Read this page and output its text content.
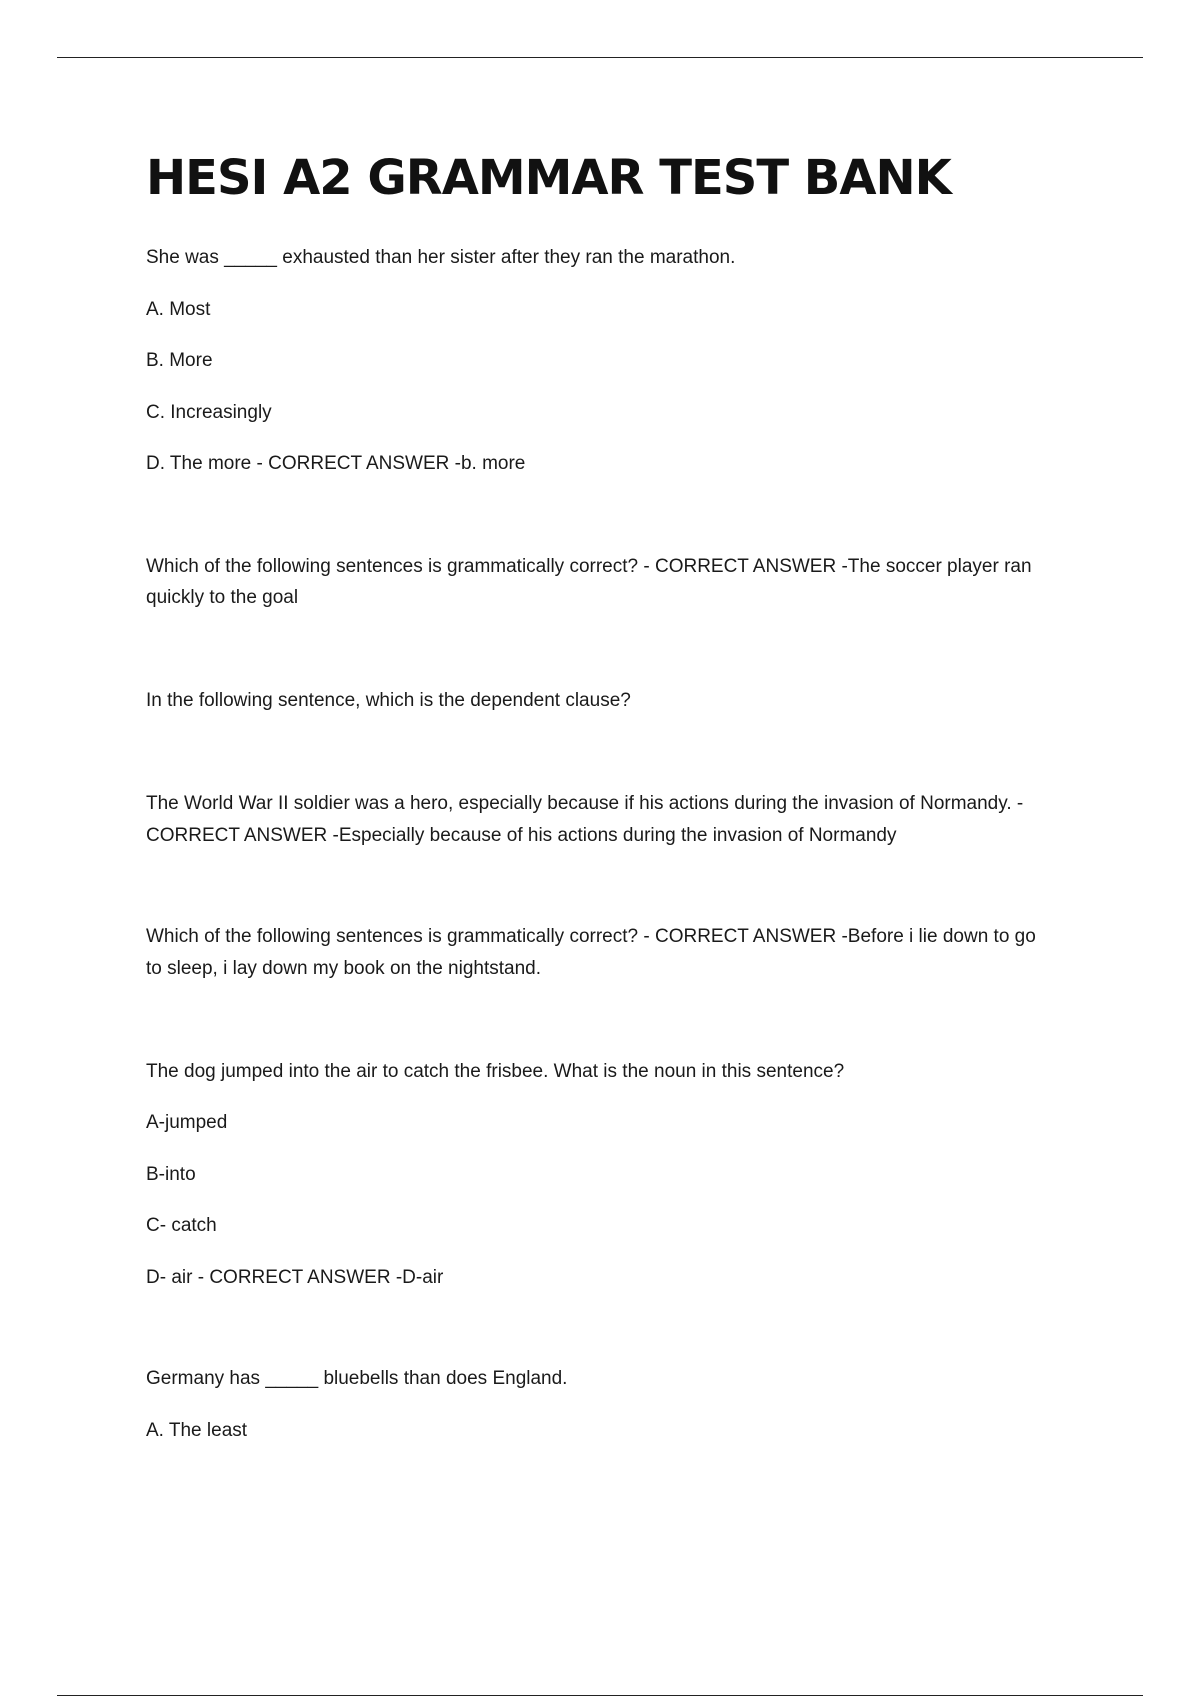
HESI A2 GRAMMAR TEST BANK
She was _____ exhausted than her sister after they ran the marathon.
A. Most
B. More
C. Increasingly
D. The more - CORRECT ANSWER -b. more
Which of the following sentences is grammatically correct? - CORRECT ANSWER -The soccer player ran
quickly to the goal
In the following sentence, which is the dependent clause?
The World War II soldier was a hero, especially because if his actions during the invasion of Normandy. -
CORRECT ANSWER -Especially because of his actions during the invasion of Normandy
Which of the following sentences is grammatically correct? - CORRECT ANSWER -Before i lie down to go
to sleep, i lay down my book on the nightstand.
The dog jumped into the air to catch the frisbee. What is the noun in this sentence?
A-jumped
B-into
C- catch
D- air - CORRECT ANSWER -D-air
Germany has _____ bluebells than does England.
A. The least
